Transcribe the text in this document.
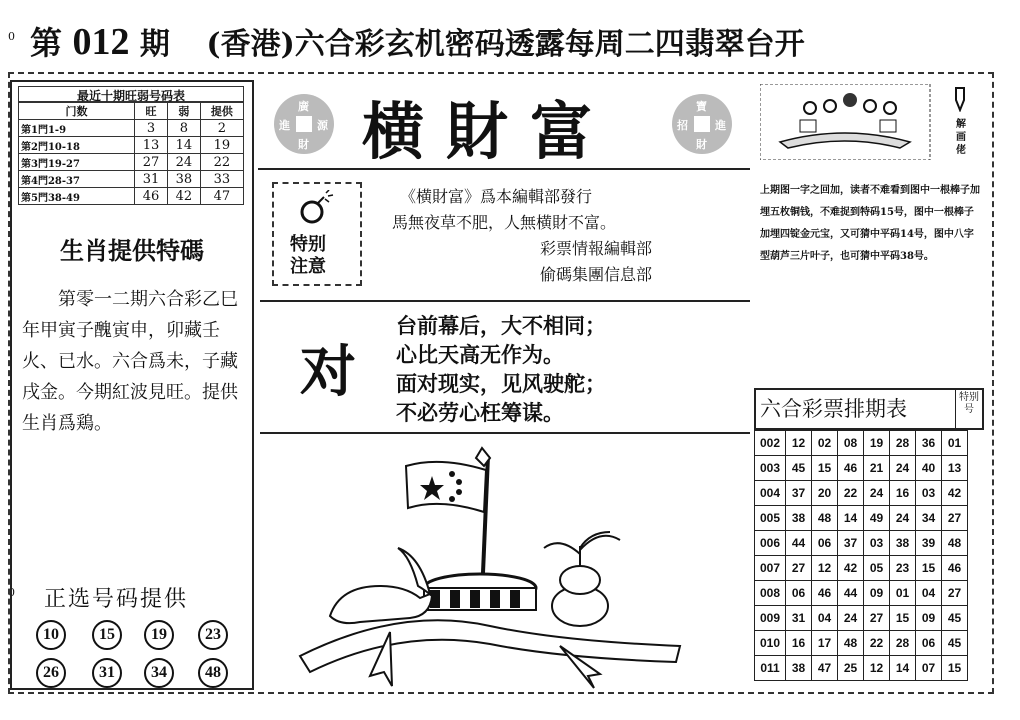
0
0
第 012 期 (香港)六合彩玄机密码透露每周二四翡翠台开
最近十期旺弱号码表
门数	旺	弱	提供
第1門1-9	3	8	2
第2門10-18	13	14	19
第3門19-27	27	24	22
第4門28-37	31	38	33
第5門38-49	46	42	47
生肖提供特碼
第零一二期六合彩乙巳年甲寅子醜寅申，卯藏壬火、已水。六合爲未，子藏戌金。今期紅波見旺。提供生肖爲鶏。
正选号码提供
10	15	19	23
26	31	34	48
廣
進 源
財 横財富	寶
招 進
財
特别
注意
《横財富》爲本編輯部發行
馬無夜草不肥，人無横財不富。
彩票情報編輯部
偷碼集團信息部
对
台前幕后，大不相同；
心比天高无作为。
面对现实，见风驶舵；
不必劳心枉筹谋。
解画佬
上期图一字之回加，读者不难看到图中一根棒子加埋五枚铜钱，不难捉到特码15号，图中一根棒子加埋四锭金元宝，又可猜中平码14号，图中八字型葫芦三片叶子，也可猜中平码38号。
六合彩票排期表	特别号
002	12	02	08	19	28	36	01
003	45	15	46	21	24	40	13
004	37	20	22	24	16	03	42
005	38	48	14	49	24	34	27
006	44	06	37	03	38	39	48
007	27	12	42	05	23	15	46
008	06	46	44	09	01	04	27
009	31	04	24	27	15	09	45
010	16	17	48	22	28	06	45
011	38	47	25	12	14	07	15
